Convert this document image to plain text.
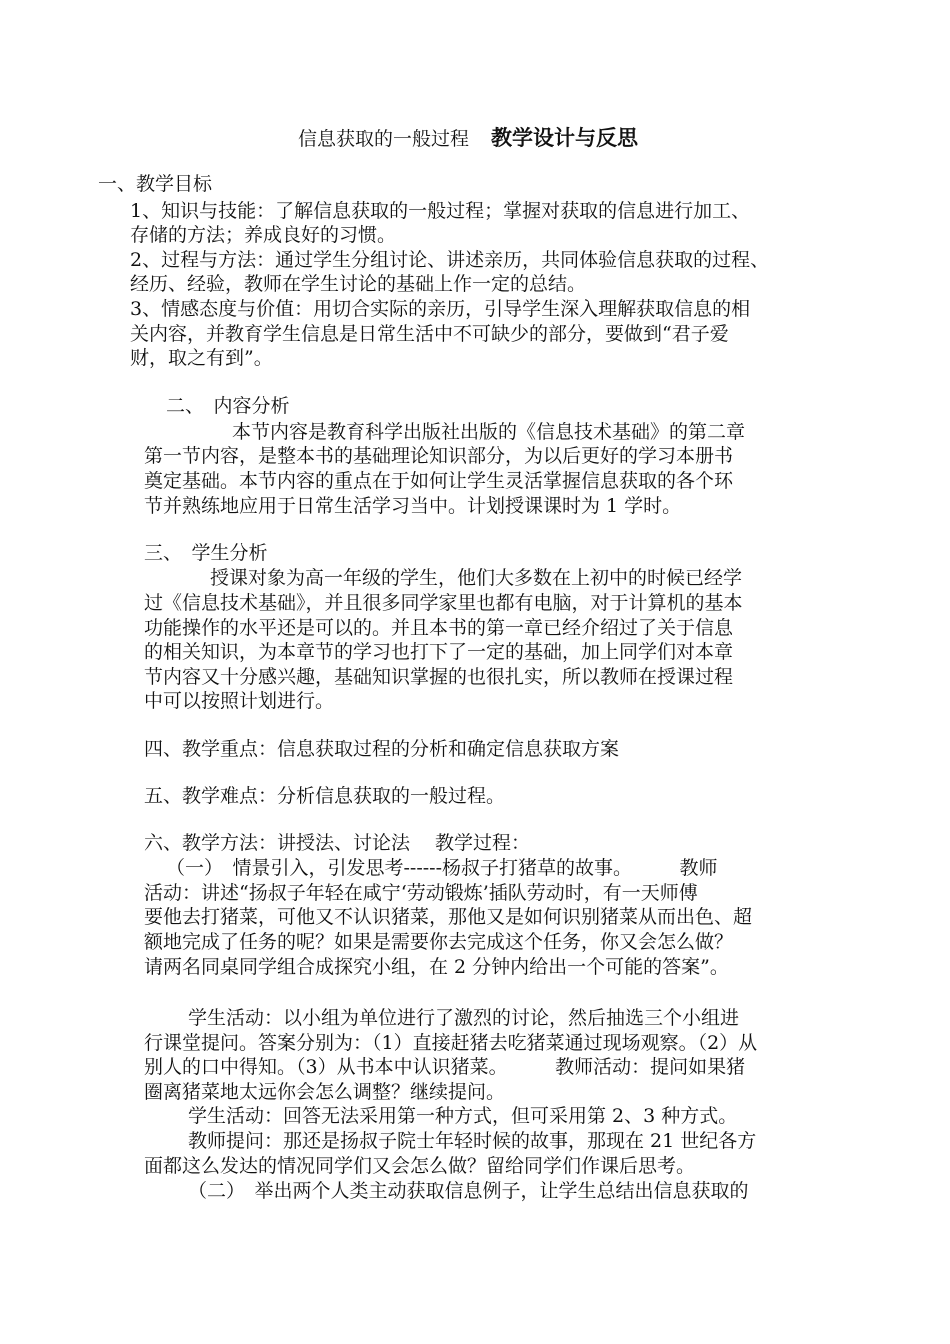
信息获取的一般过程 教学设计与反思
一、教学目标
1、知识与技能：了解信息获取的一般过程；掌握对获取的信息进行加工、
存储的方法；养成良好的习惯。
2、过程与方法：通过学生分组讨论、讲述亲历，共同体验信息获取的过程、
经历、经验，教师在学生讨论的基础上作一定的总结。
3、情感态度与价值：用切合实际的亲历，引导学生深入理解获取信息的相
关内容，并教育学生信息是日常生活中不可缺少的部分，要做到“君子爱
财，取之有到”。
二、　内容分析
本节内容是教育科学出版社出版的《信息技术基础》的第二章
第一节内容，是整本书的基础理论知识部分，为以后更好的学习本册书
奠定基础。本节内容的重点在于如何让学生灵活掌握信息获取的各个环
节并熟练地应用于日常生活学习当中。计划授课课时为 1 学时。
三、　学生分析
授课对象为高一年级的学生，他们大多数在上初中的时候已经学
过《信息技术基础》，并且很多同学家里也都有电脑，对于计算机的基本
功能操作的水平还是可以的。并且本书的第一章已经介绍过了关于信息
的相关知识，为本章节的学习也打下了一定的基础，加上同学们对本章
节内容又十分感兴趣，基础知识掌握的也很扎实，所以教师在授课过程
中可以按照计划进行。
四、教学重点：信息获取过程的分析和确定信息获取方案
五、教学难点：分析信息获取的一般过程。
六、教学方法：讲授法、讨论法　 教学过程：
（一）　情景引入，引发思考------杨叔子打猪草的故事。　　　教师
活动：讲述“扬叔子年轻在咸宁‘劳动锻炼’插队劳动时，有一天师傅
要他去打猪菜，可他又不认识猪菜，那他又是如何识别猪菜从而出色、超
额地完成了任务的呢？如果是需要你去完成这个任务，你又会怎么做？
请两名同桌同学组合成探究小组，在 2 分钟内给出一个可能的答案”。
学生活动：以小组为单位进行了激烈的讨论，然后抽选三个小组进
行课堂提问。答案分别为：（1）直接赶猪去吃猪菜通过现场观察。（2）从
别人的口中得知。（3）从书本中认识猪菜。　　　教师活动：提问如果猪
圈离猪菜地太远你会怎么调整？继续提问。
学生活动：回答无法采用第一种方式，但可采用第 2、3 种方式。
教师提问：那还是扬叔子院士年轻时候的故事，那现在 21 世纪各方
面都这么发达的情况同学们又会怎么做？留给同学们作课后思考。
（二）　举出两个人类主动获取信息例子，让学生总结出信息获取的
